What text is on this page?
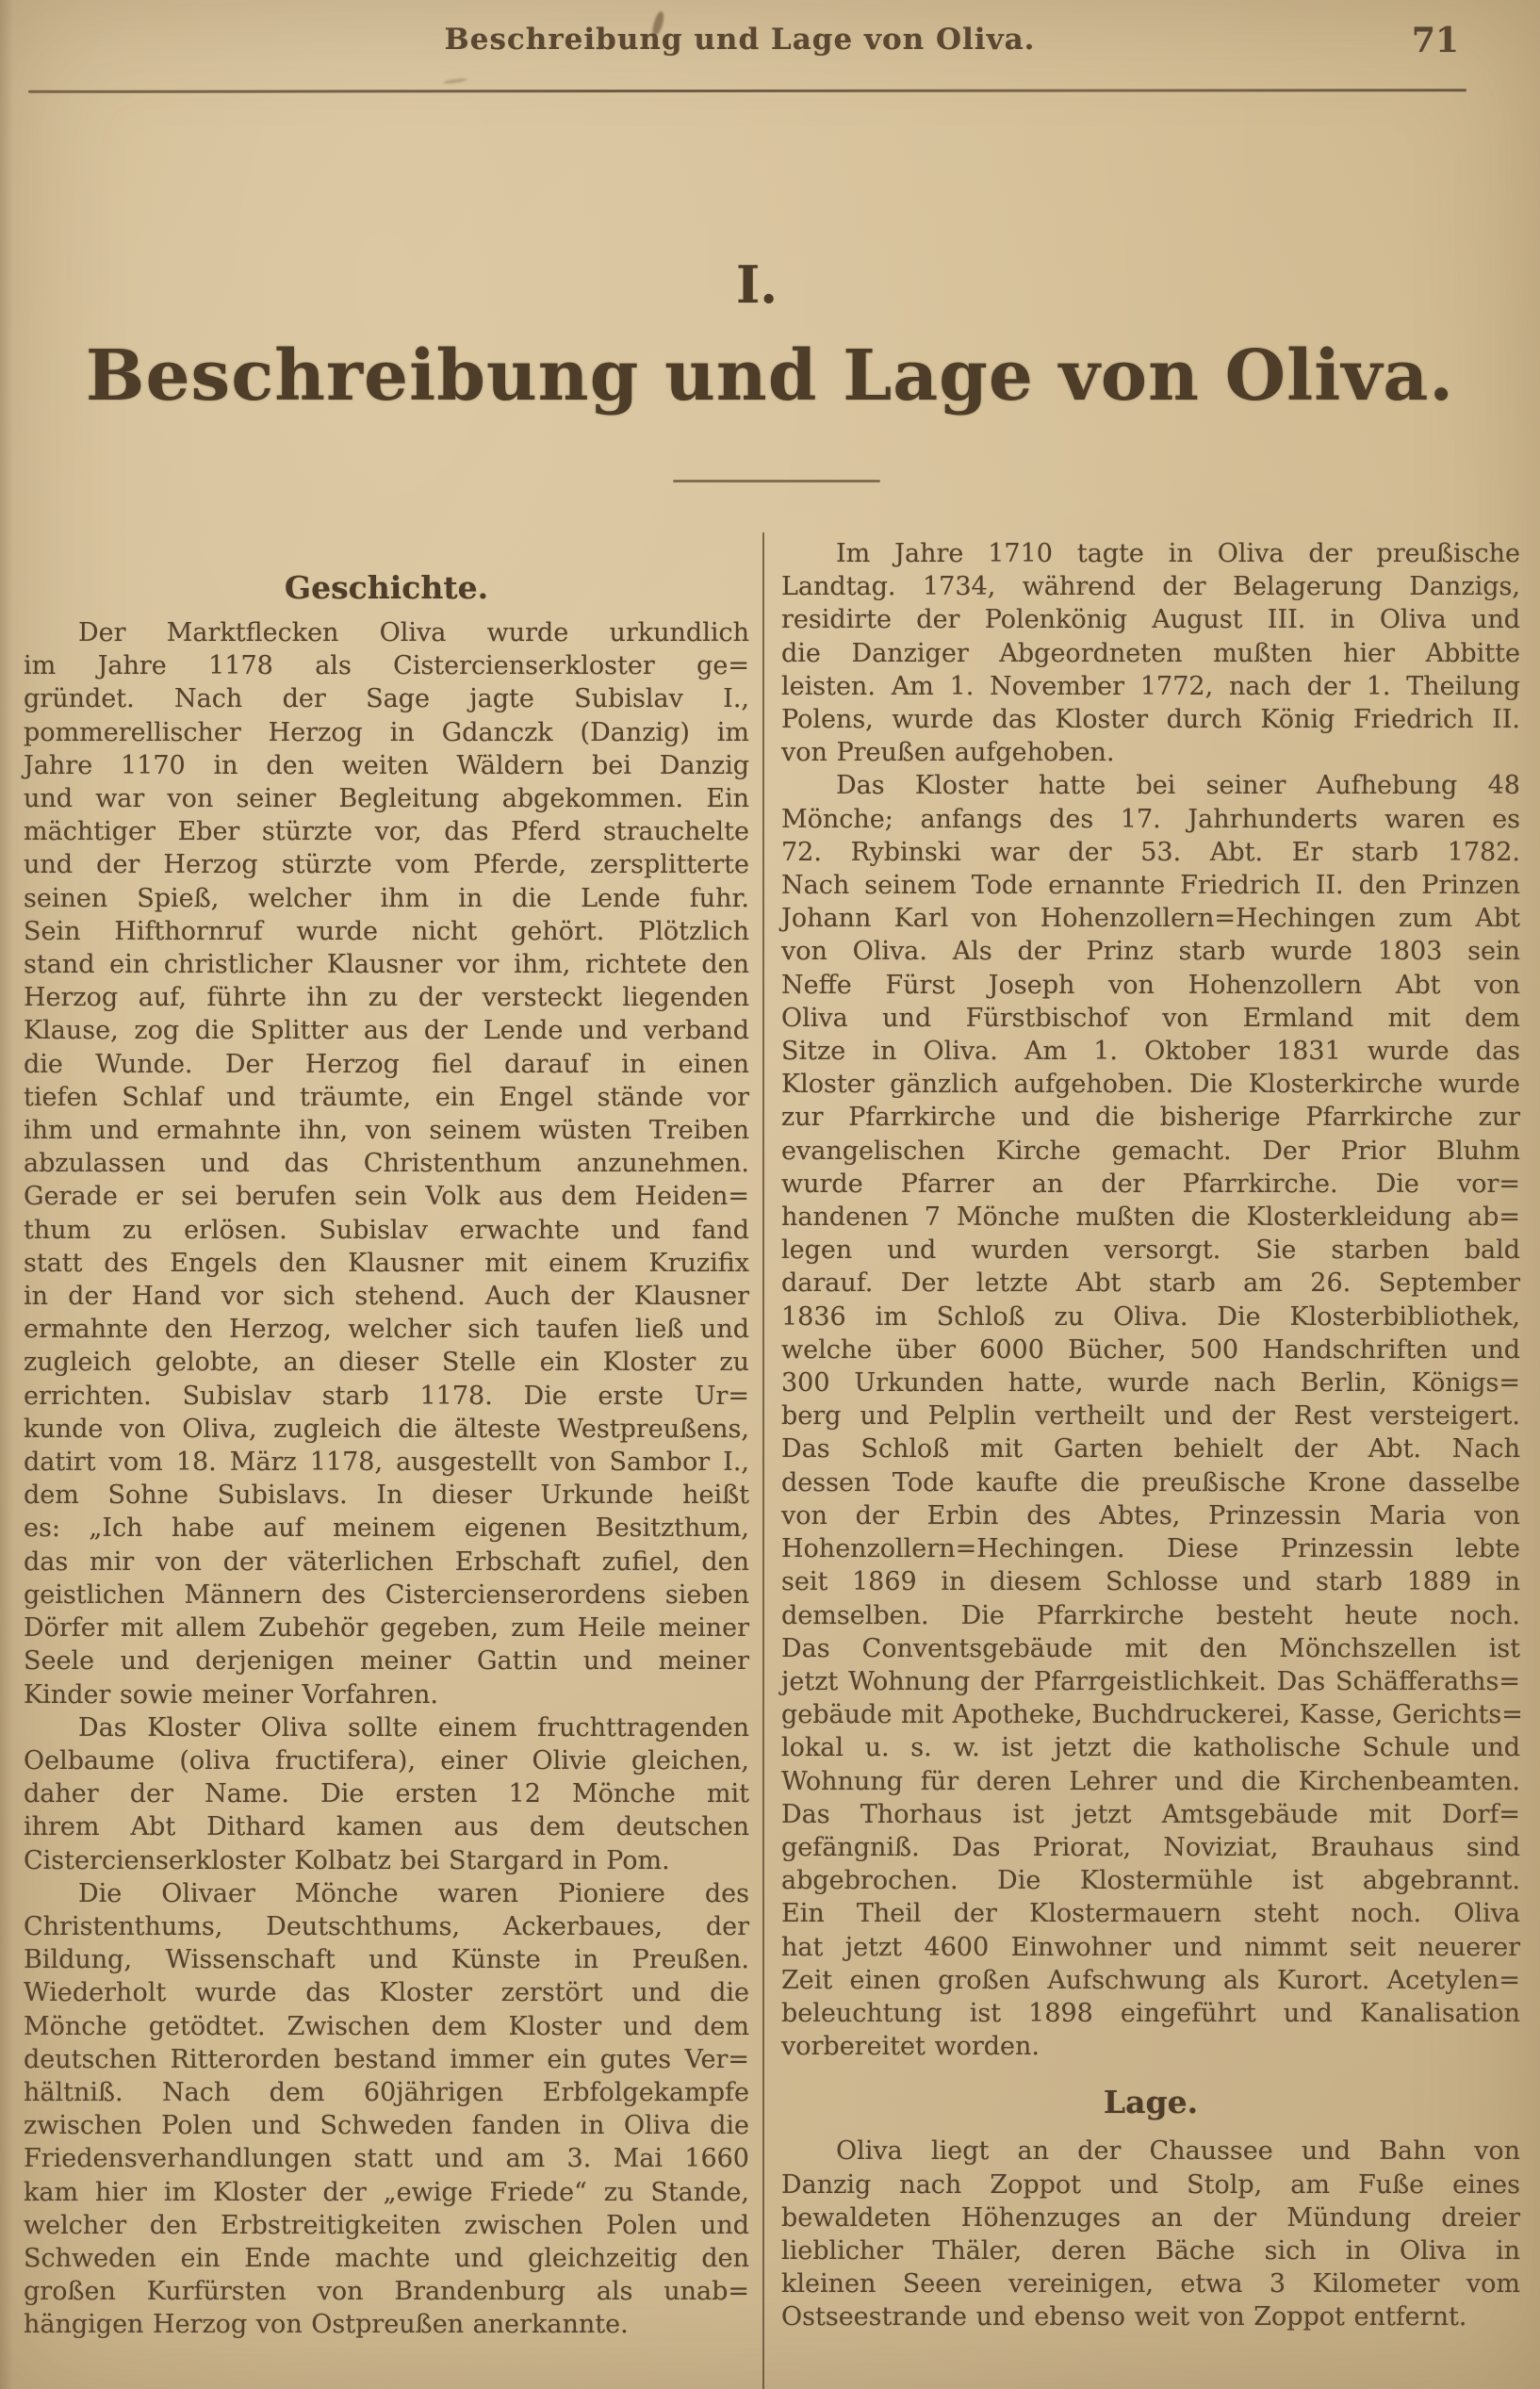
Beschreibung und Lage von Oliva.	71
I.
Beschreibung und Lage von Oliva.
Geschichte.
Der Marktflecken Oliva wurde urkundlich
im Jahre 1178 als Cistercienserkloster ge=
gründet. Nach der Sage jagte Subislav I.,
pommerellischer Herzog in Gdanczk (Danzig) im
Jahre 1170 in den weiten Wäldern bei Danzig
und war von seiner Begleitung abgekommen. Ein
mächtiger Eber stürzte vor, das Pferd strauchelte
und der Herzog stürzte vom Pferde, zersplitterte
seinen Spieß, welcher ihm in die Lende fuhr.
Sein Hifthornruf wurde nicht gehört. Plötzlich
stand ein christlicher Klausner vor ihm, richtete den
Herzog auf, führte ihn zu der versteckt liegenden
Klause, zog die Splitter aus der Lende und verband
die Wunde. Der Herzog fiel darauf in einen
tiefen Schlaf und träumte, ein Engel stände vor
ihm und ermahnte ihn, von seinem wüsten Treiben
abzulassen und das Christenthum anzunehmen.
Gerade er sei berufen sein Volk aus dem Heiden=
thum zu erlösen. Subislav erwachte und fand
statt des Engels den Klausner mit einem Kruzifix
in der Hand vor sich stehend. Auch der Klausner
ermahnte den Herzog, welcher sich taufen ließ und
zugleich gelobte, an dieser Stelle ein Kloster zu
errichten. Subislav starb 1178. Die erste Ur=
kunde von Oliva, zugleich die älteste Westpreußens,
datirt vom 18. März 1178, ausgestellt von Sambor I.,
dem Sohne Subislavs. In dieser Urkunde heißt
es: „Ich habe auf meinem eigenen Besitzthum,
das mir von der väterlichen Erbschaft zufiel, den
geistlichen Männern des Cistercienserordens sieben
Dörfer mit allem Zubehör gegeben, zum Heile meiner
Seele und derjenigen meiner Gattin und meiner
Kinder sowie meiner Vorfahren.
Das Kloster Oliva sollte einem fruchttragenden
Oelbaume (oliva fructifera), einer Olivie gleichen,
daher der Name. Die ersten 12 Mönche mit
ihrem Abt Dithard kamen aus dem deutschen
Cistercienserkloster Kolbatz bei Stargard in Pom.
Die Olivaer Mönche waren Pioniere des
Christenthums, Deutschthums, Ackerbaues, der
Bildung, Wissenschaft und Künste in Preußen.
Wiederholt wurde das Kloster zerstört und die
Mönche getödtet. Zwischen dem Kloster und dem
deutschen Ritterorden bestand immer ein gutes Ver=
hältniß. Nach dem 60jährigen Erbfolgekampfe
zwischen Polen und Schweden fanden in Oliva die
Friedensverhandlungen statt und am 3. Mai 1660
kam hier im Kloster der „ewige Friede“ zu Stande,
welcher den Erbstreitigkeiten zwischen Polen und
Schweden ein Ende machte und gleichzeitig den
großen Kurfürsten von Brandenburg als unab=
hängigen Herzog von Ostpreußen anerkannte.
Im Jahre 1710 tagte in Oliva der preußische
Landtag. 1734, während der Belagerung Danzigs,
residirte der Polenkönig August III. in Oliva und
die Danziger Abgeordneten mußten hier Abbitte
leisten. Am 1. November 1772, nach der 1. Theilung
Polens, wurde das Kloster durch König Friedrich II.
von Preußen aufgehoben.
Das Kloster hatte bei seiner Aufhebung 48
Mönche; anfangs des 17. Jahrhunderts waren es
72. Rybinski war der 53. Abt. Er starb 1782.
Nach seinem Tode ernannte Friedrich II. den Prinzen
Johann Karl von Hohenzollern=Hechingen zum Abt
von Oliva. Als der Prinz starb wurde 1803 sein
Neffe Fürst Joseph von Hohenzollern Abt von
Oliva und Fürstbischof von Ermland mit dem
Sitze in Oliva. Am 1. Oktober 1831 wurde das
Kloster gänzlich aufgehoben. Die Klosterkirche wurde
zur Pfarrkirche und die bisherige Pfarrkirche zur
evangelischen Kirche gemacht. Der Prior Bluhm
wurde Pfarrer an der Pfarrkirche. Die vor=
handenen 7 Mönche mußten die Klosterkleidung ab=
legen und wurden versorgt. Sie starben bald
darauf. Der letzte Abt starb am 26. September
1836 im Schloß zu Oliva. Die Klosterbibliothek,
welche über 6000 Bücher, 500 Handschriften und
300 Urkunden hatte, wurde nach Berlin, Königs=
berg und Pelplin vertheilt und der Rest versteigert.
Das Schloß mit Garten behielt der Abt. Nach
dessen Tode kaufte die preußische Krone dasselbe
von der Erbin des Abtes, Prinzessin Maria von
Hohenzollern=Hechingen. Diese Prinzessin lebte
seit 1869 in diesem Schlosse und starb 1889 in
demselben. Die Pfarrkirche besteht heute noch.
Das Conventsgebäude mit den Mönchszellen ist
jetzt Wohnung der Pfarrgeistlichkeit. Das Schäfferaths=
gebäude mit Apotheke, Buchdruckerei, Kasse, Gerichts=
lokal u. s. w. ist jetzt die katholische Schule und
Wohnung für deren Lehrer und die Kirchenbeamten.
Das Thorhaus ist jetzt Amtsgebäude mit Dorf=
gefängniß. Das Priorat, Noviziat, Brauhaus sind
abgebrochen. Die Klostermühle ist abgebrannt.
Ein Theil der Klostermauern steht noch. Oliva
hat jetzt 4600 Einwohner und nimmt seit neuerer
Zeit einen großen Aufschwung als Kurort. Acetylen=
beleuchtung ist 1898 eingeführt und Kanalisation
vorbereitet worden.
Lage.
Oliva liegt an der Chaussee und Bahn von
Danzig nach Zoppot und Stolp, am Fuße eines
bewaldeten Höhenzuges an der Mündung dreier
lieblicher Thäler, deren Bäche sich in Oliva in
kleinen Seeen vereinigen, etwa 3 Kilometer vom
Ostseestrande und ebenso weit von Zoppot entfernt.
